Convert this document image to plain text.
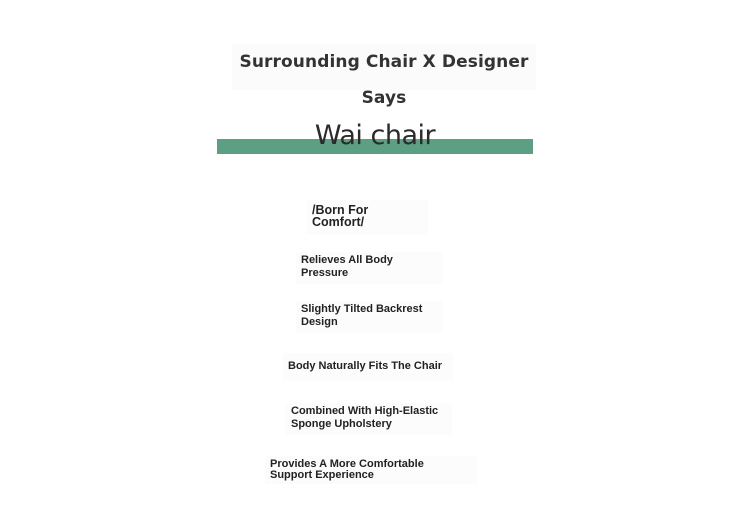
Surrounding Chair X Designer Says
Wai chair
/Born For
Comfort/
Relieves All Body
Pressure
Slightly Tilted Backrest
Design
Body Naturally Fits The Chair
Combined With High-Elastic
Sponge Upholstery
Provides A More Comfortable
Support Experience
